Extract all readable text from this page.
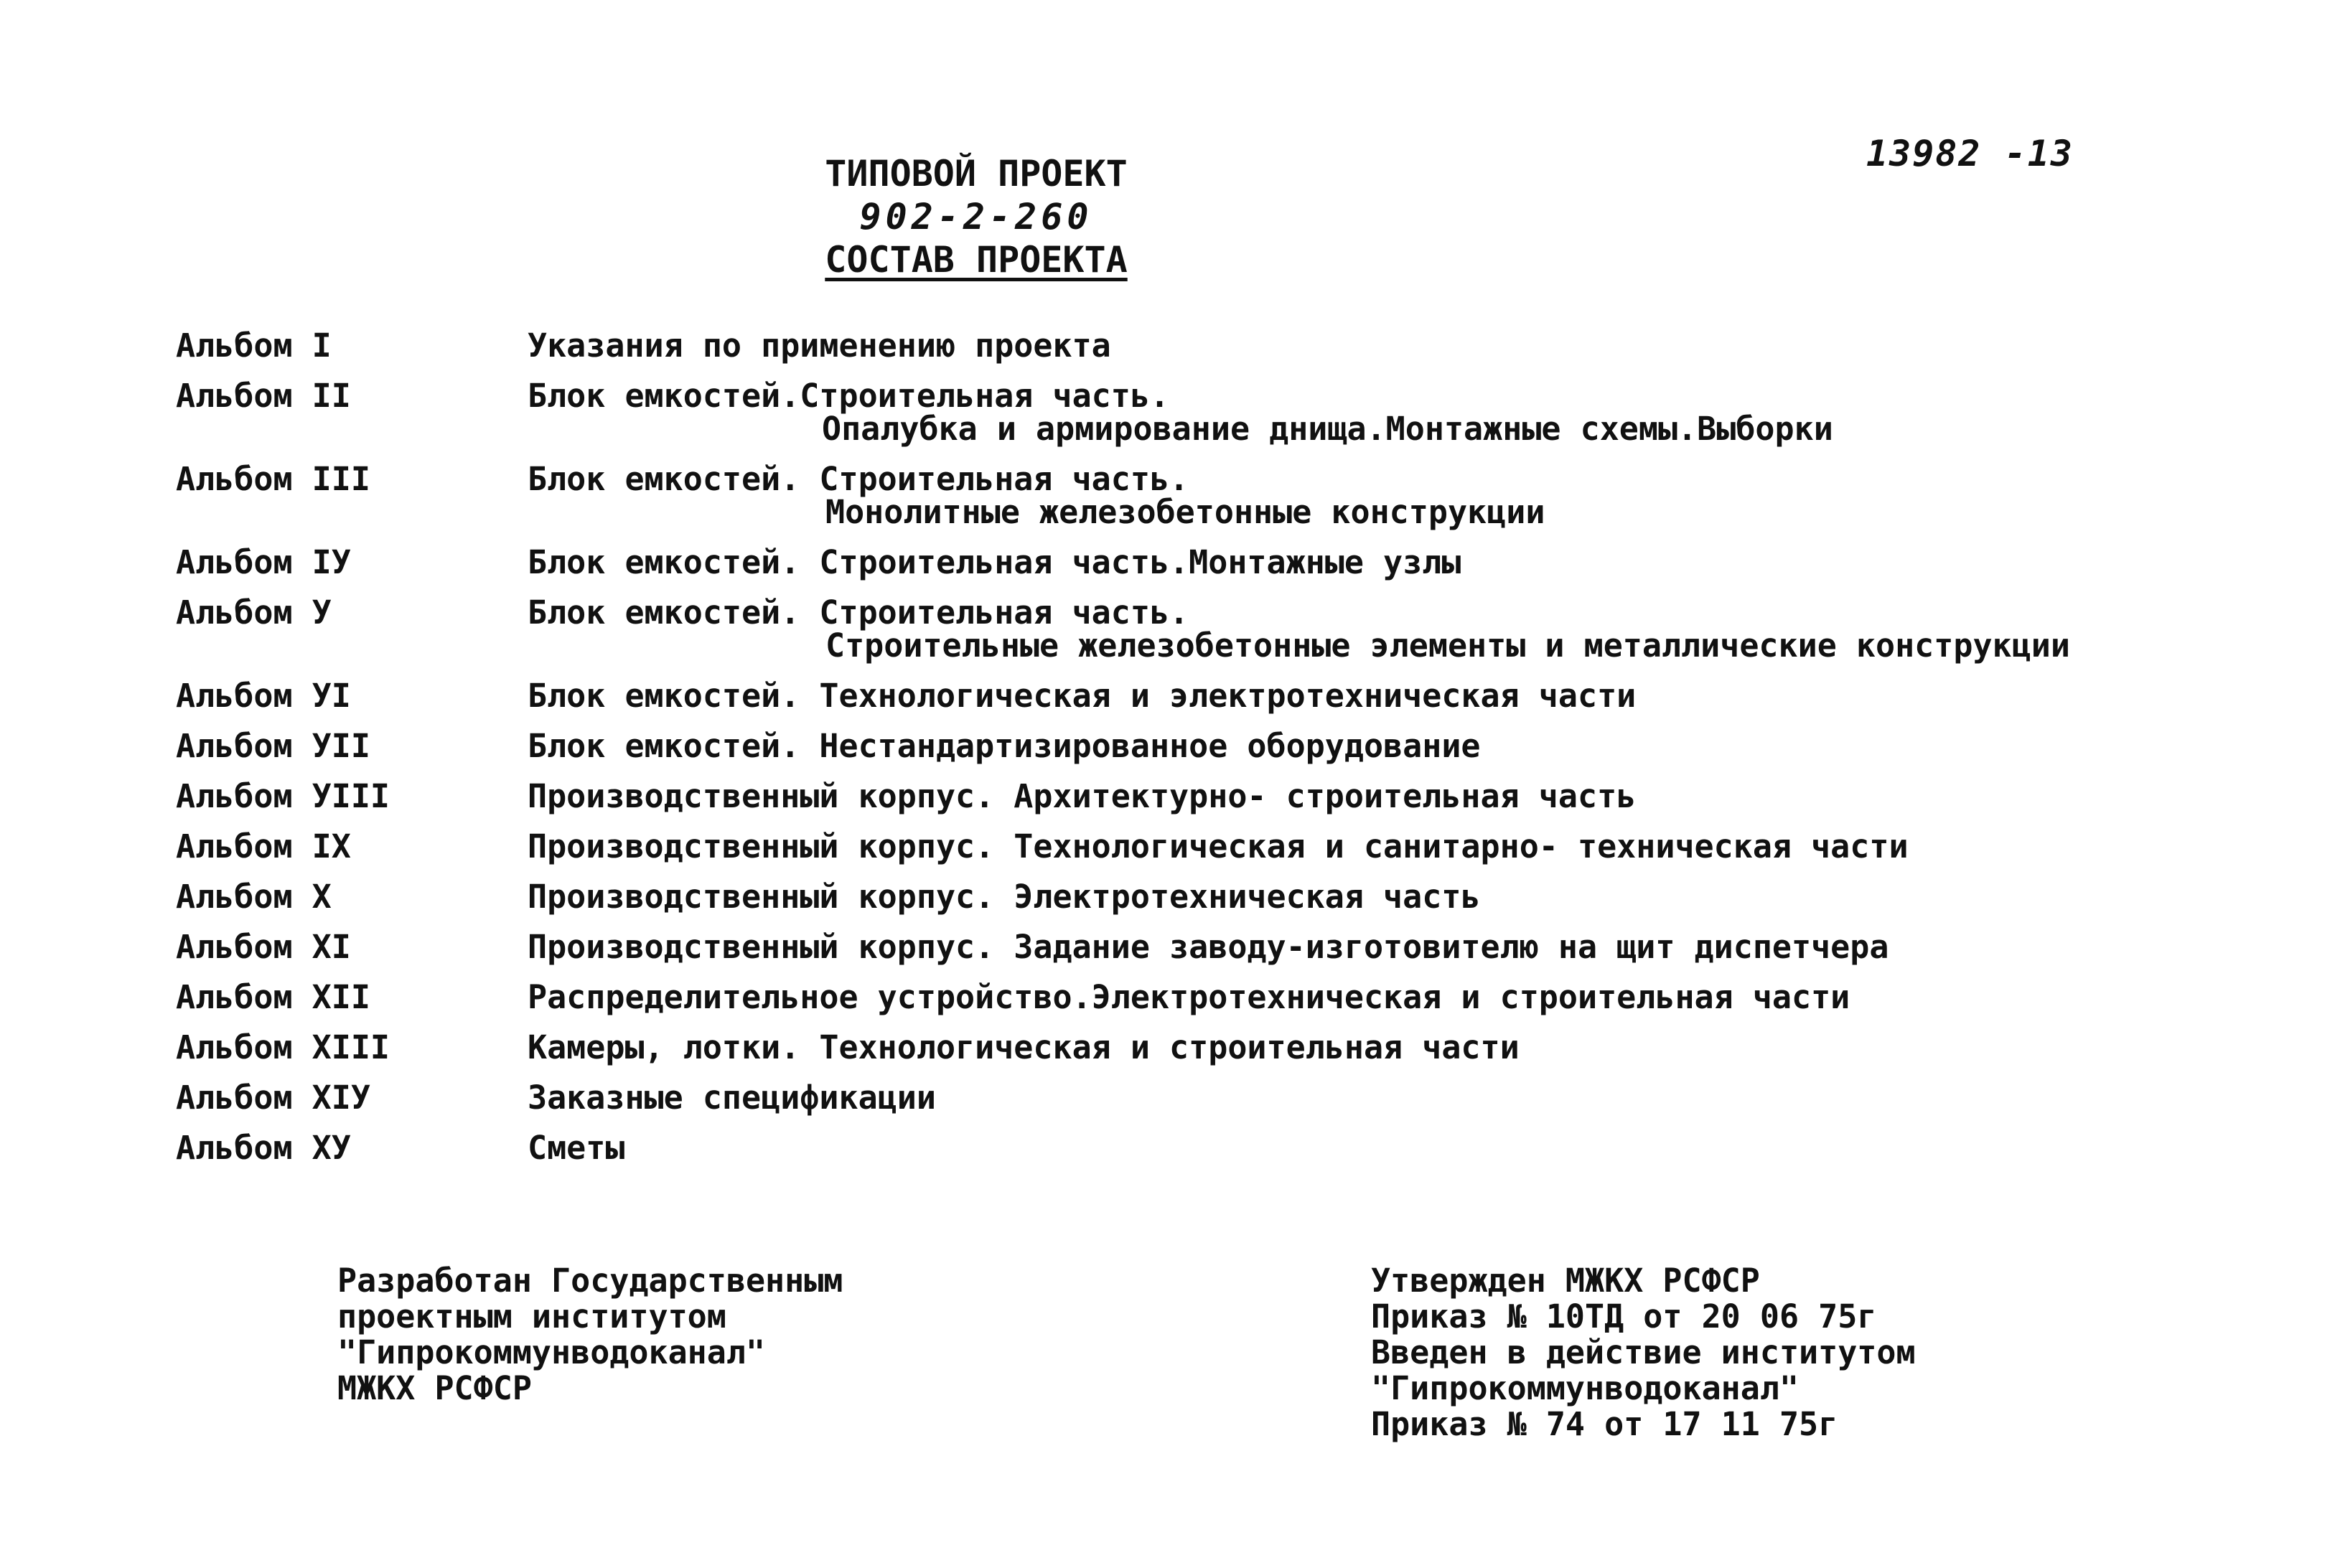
13982 -13
ТИПОВОЙ ПРОЕКТ
902-2-260
СОСТАВ ПРОЕКТА
Альбом I	Указания по применению проекта
Альбом II	Блок емкостей.Строительная часть.
Опалубка и армирование днища.Монтажные схемы.Выборки
Альбом III	Блок емкостей. Строительная часть.
Монолитные железобетонные конструкции
Альбом IУ	Блок емкостей. Строительная часть.Монтажные узлы
Альбом У	Блок емкостей. Строительная часть.
Строительные железобетонные элементы и металлические конструкции
Альбом УI	Блок емкостей. Технологическая и электротехническая части
Альбом УII	Блок емкостей. Нестандартизированное оборудование
Альбом УIII	Производственный корпус. Архитектурно- строительная часть
Альбом IX	Производственный корпус. Технологическая и санитарно- техническая части
Альбом X	Производственный корпус. Электротехническая часть
Альбом XI	Производственный корпус. Задание заводу-изготовителю на щит диспетчера
Альбом XII	Распределительное устройство.Электротехническая и строительная части
Альбом XIII	Камеры, лотки. Технологическая и строительная части
Альбом XIУ	Заказные спецификации
Альбом XУ	Сметы
Разработан Государственным
проектным институтом
"Гипрокоммунводоканал"
МЖКХ РСФСР
Утвержден МЖКХ РСФСР
Приказ № 10ТД от 20 06 75г
Введен в действие институтом
"Гипрокоммунводоканал"
Приказ № 74 от 17 11 75г
